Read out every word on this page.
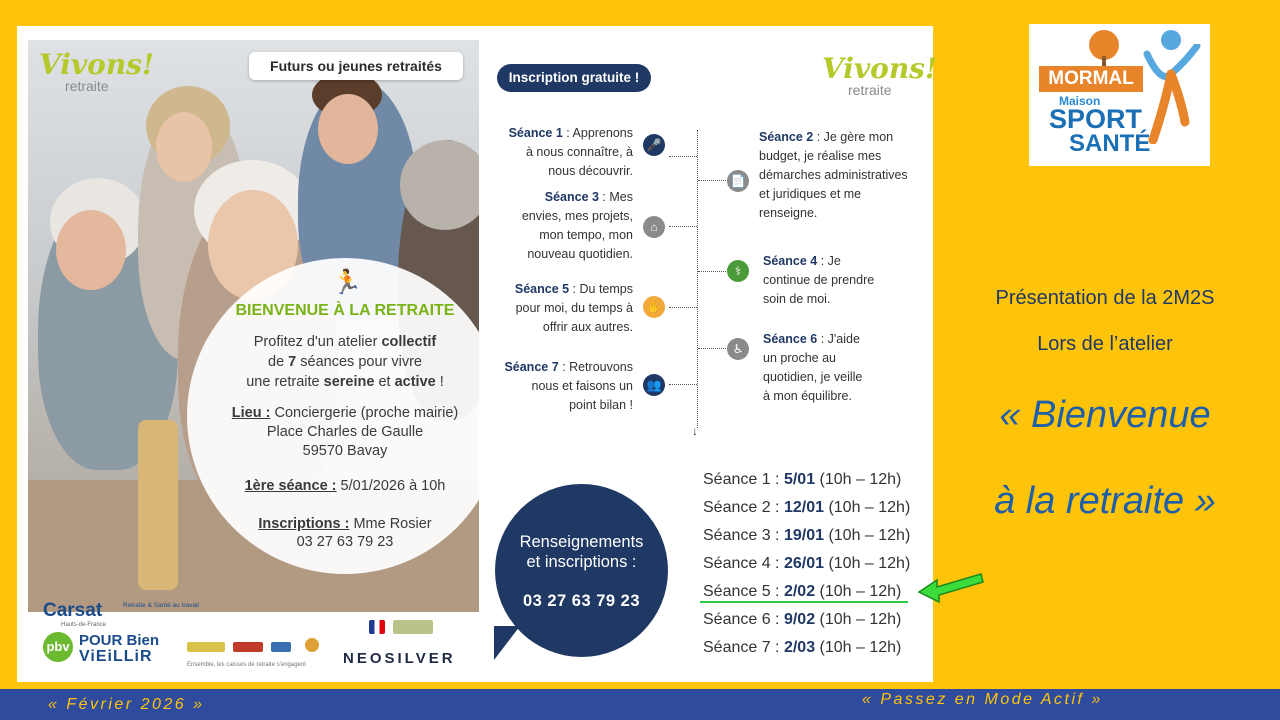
Vivons!
retraite
Futurs ou jeunes retraités
🏃
BIENVENUE À LA RETRAITE
Profitez d'un atelier collectif
de 7 séances pour vivre
une retraite sereine et active !
Lieu : Conciergerie (proche mairie)
Place Charles de Gaulle
59570 Bavay
1ère séance : 5/01/2026 à 10h
Inscriptions : Mme Rosier
03 27 63 79 23
Carsat	Retraite & Santé au travail
Hauts-de-France
pbv POUR Bien
ViEiLLiR	Ensemble, les caisses de retraite s'engagent NEOSILVER
Inscription gratuite !	Vivons!
retraite
↓
Séance 1 : Apprenons
à nous connaître, à
nous découvrir.
🎤
📄
Séance 2 : Je gère mon
budget, je réalise mes
démarches administratives
et juridiques et me
renseigne.
Séance 3 : Mes
envies, mes projets,
mon tempo, mon
nouveau quotidien.
⌂
⚕
Séance 4 : Je
continue de prendre
soin de moi.
Séance 5 : Du temps
pour moi, du temps à
offrir aux autres.
✋
♿
Séance 6 : J'aide
un proche au
quotidien, je veille
à mon équilibre.
Séance 7 : Retrouvons
nous et faisons un
point bilan !
👥
Renseignements
et inscriptions :
03 27 63 79 23
Séance 1 : 5/01 (10h – 12h)
Séance 2 : 12/01 (10h – 12h)
Séance 3 : 19/01 (10h – 12h)
Séance 4 : 26/01 (10h – 12h)
Séance 5 : 2/02 (10h – 12h)
Séance 6 : 9/02 (10h – 12h)
Séance 7 : 2/03 (10h – 12h)
MORMAL
Maison
SPORT
SANTÉ
Présentation de la 2M2S
Lors de l’atelier
« Bienvenue
à la retraite »
« Février 2026 »	« Passez en Mode Actif »
